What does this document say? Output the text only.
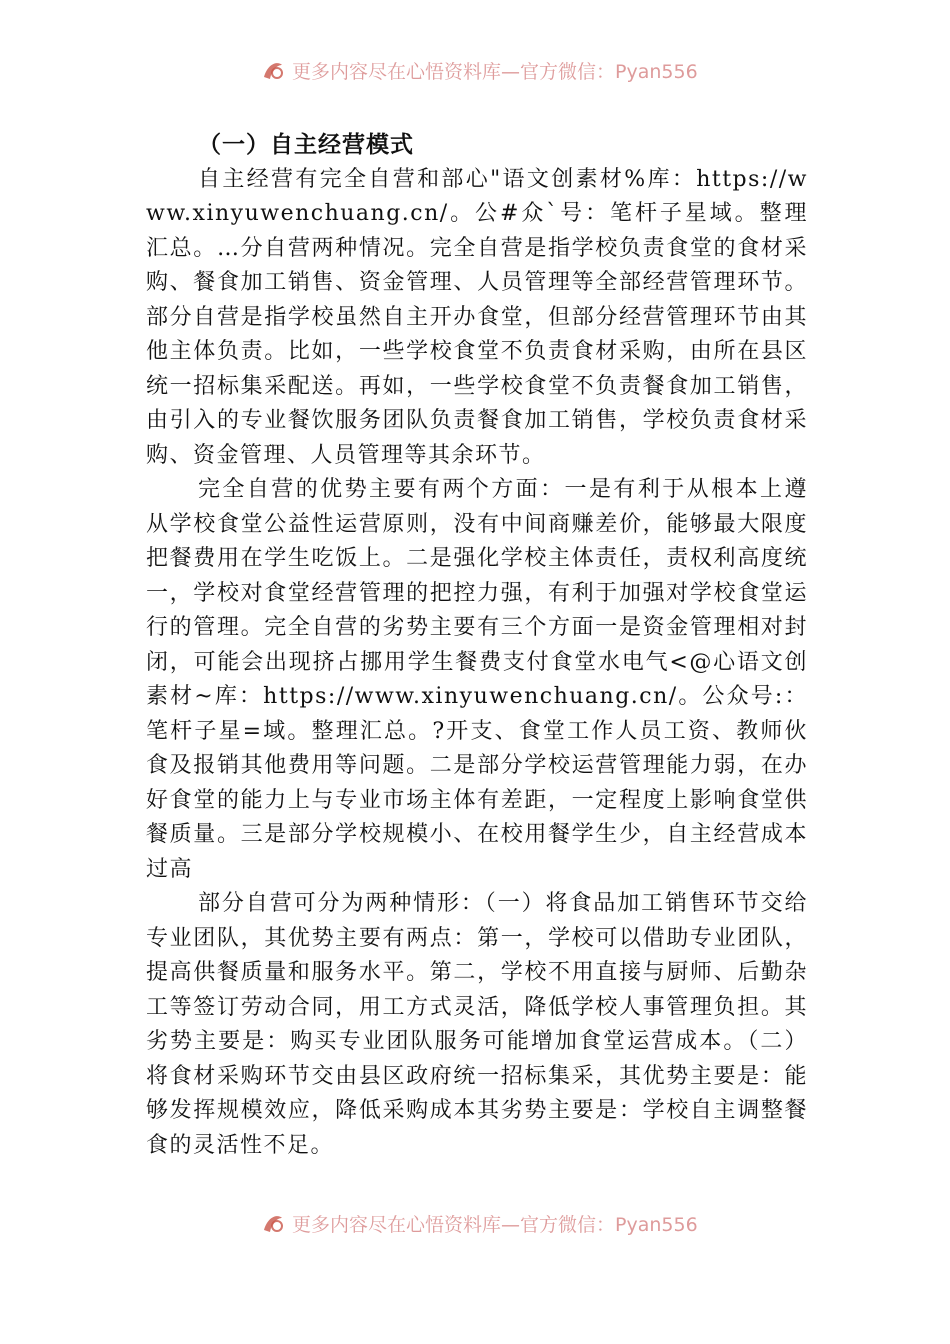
更多内容尽在心悟资料库—官方微信：Pyan556
（一）自主经营模式

自主经营有完全自营和部心"语文创素材%库：https://www.xinyuwenchuang.cn/。公#众`号：笔杆子星域。整理汇总。…分自营两种情况。完全自营是指学校负责食堂的食材采购、餐食加工销售、资金管理、人员管理等全部经营管理环节。部分自营是指学校虽然自主开办食堂，但部分经营管理环节由其他主体负责。比如，一些学校食堂不负责食材采购，由所在县区统一招标集采配送。再如，一些学校食堂不负责餐食加工销售，由引入的专业餐饮服务团队负责餐食加工销售，学校负责食材采购、资金管理、人员管理等其余环节。

完全自营的优势主要有两个方面：一是有利于从根本上遵从学校食堂公益性运营原则，没有中间商赚差价，能够最大限度把餐费用在学生吃饭上。二是强化学校主体责任，责权利高度统一，学校对食堂经营管理的把控力强，有利于加强对学校食堂运行的管理。完全自营的劣势主要有三个方面一是资金管理相对封闭，可能会出现挤占挪用学生餐费支付食堂水电气<@心语文创素材~库：https://www.xinyuwenchuang.cn/。公众号:：笔杆子星=域。整理汇总。?开支、食堂工作人员工资、教师伙食及报销其他费用等问题。二是部分学校运营管理能力弱，在办好食堂的能力上与专业市场主体有差距，一定程度上影响食堂供餐质量。三是部分学校规模小、在校用餐学生少，自主经营成本过高

部分自营可分为两种情形：（一）将食品加工销售环节交给专业团队，其优势主要有两点：第一，学校可以借助专业团队，提高供餐质量和服务水平。第二，学校不用直接与厨师、后勤杂工等签订劳动合同，用工方式灵活，降低学校人事管理负担。其劣势主要是：购买专业团队服务可能增加食堂运营成本。（二）将食材采购环节交由县区政府统一招标集采，其优势主要是：能够发挥规模效应，降低采购成本其劣势主要是：学校自主调整餐食的灵活性不足。

更多内容尽在心悟资料库—官方微信：Pyan556
